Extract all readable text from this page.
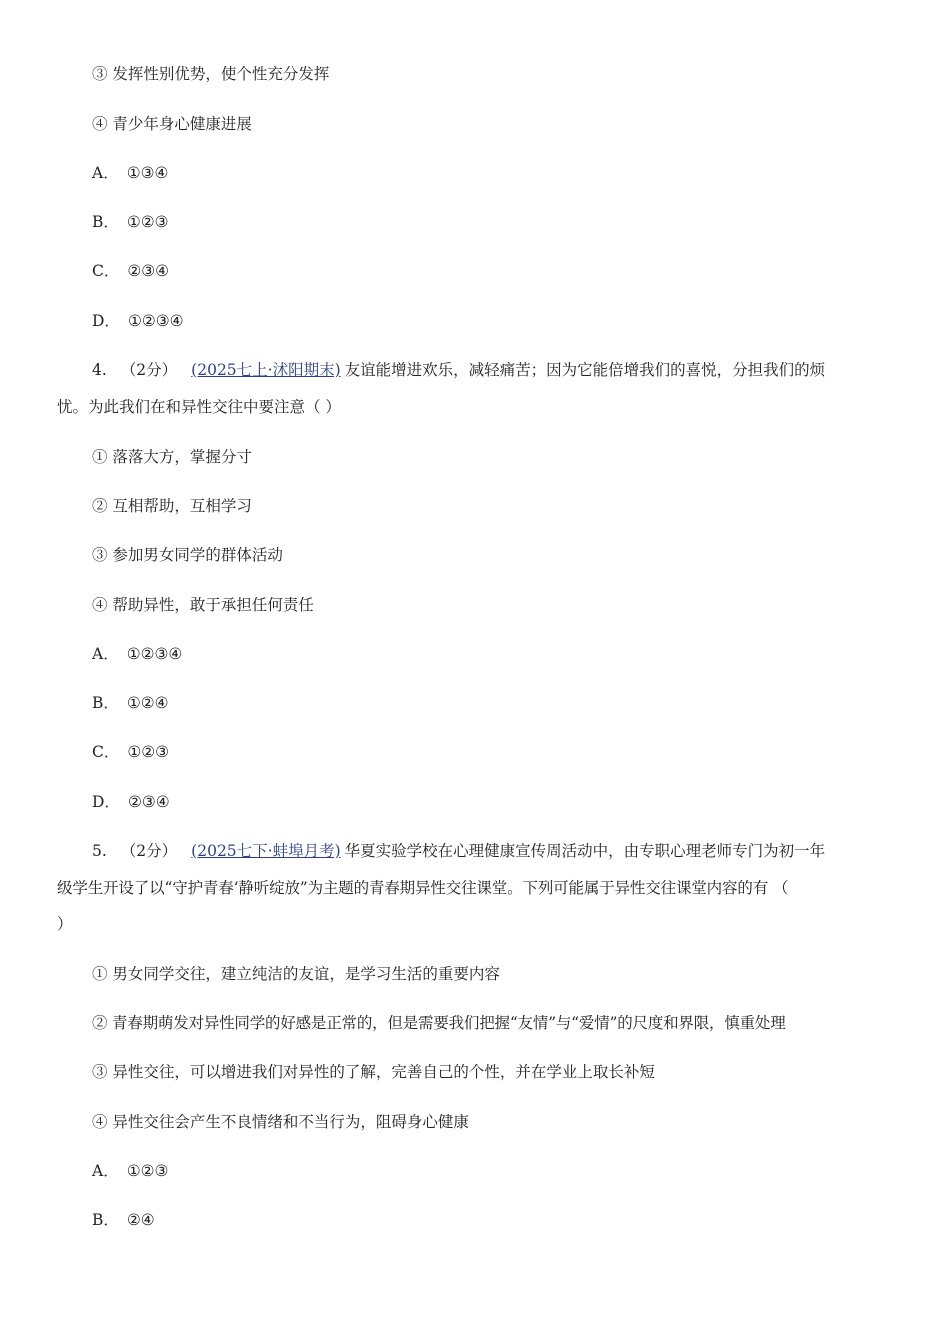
③ 发挥性别优势，使个性充分发挥
④ 青少年身心健康进展
A． ①③④
B． ①②③
C． ②③④
D． ①②③④
4. （2分） (2025七上·沭阳期末) 友谊能增进欢乐，减轻痛苦；因为它能倍增我们的喜悦，分担我们的烦
忧。为此我们在和异性交往中要注意（ ）
① 落落大方，掌握分寸
② 互相帮助，互相学习
③ 参加男女同学的群体活动
④ 帮助异性，敢于承担任何责任
A． ①②③④
B． ①②④
C． ①②③
D． ②③④
5. （2分） (2025七下·蚌埠月考) 华夏实验学校在心理健康宣传周活动中，由专职心理老师专门为初一年
级学生开设了以“守护青春‘静听绽放”为主题的青春期异性交往课堂。下列可能属于异性交往课堂内容的有 （
）
① 男女同学交往，建立纯洁的友谊，是学习生活的重要内容
② 青春期萌发对异性同学的好感是正常的，但是需要我们把握“友情”与“爱情”的尺度和界限，慎重处理
③ 异性交往，可以增进我们对异性的了解，完善自己的个性，并在学业上取长补短
④ 异性交往会产生不良情绪和不当行为，阻碍身心健康
A． ①②③
B． ②④
